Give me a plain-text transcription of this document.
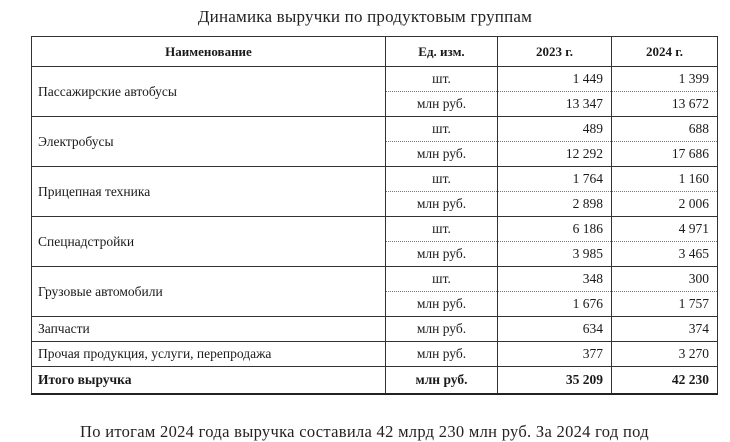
Динамика выручки по продуктовым группам
Наименование	Ед. изм.	2023 г.	2024 г.
Пассажирские автобусы	шт.	1 449	1 399
	млн руб.	13 347	13 672
Электробусы	шт.	489	688
	млн руб.	12 292	17 686
Прицепная техника	шт.	1 764	1 160
	млн руб.	2 898	2 006
Спецнадстройки	шт.	6 186	4 971
	млн руб.	3 985	3 465
Грузовые автомобили	шт.	348	300
	млн руб.	1 676	1 757
Запчасти	млн руб.	634	374
Прочая продукция, услуги, перепродажа	млн руб.	377	3 270
Итого выручка	млн руб.	35 209	42 230
По итогам 2024 года выручка составила 42 млрд 230 млн руб. За 2024 год под
